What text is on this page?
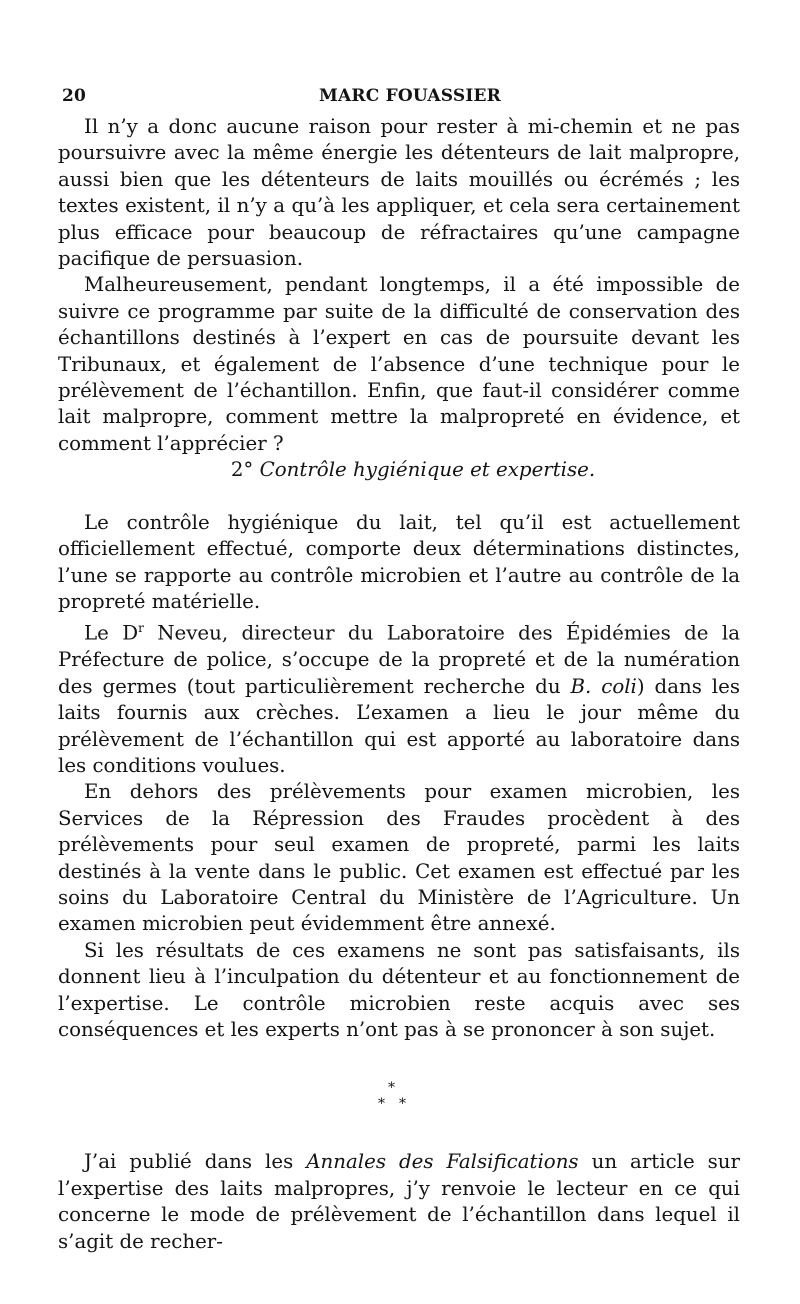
20	MARC FOUASSIER

Il n’y a donc aucune raison pour rester à mi-chemin et ne pas poursuivre avec la même énergie les détenteurs de lait malpropre, aussi bien que les détenteurs de laits mouillés ou écrémés ; les textes existent, il n’y a qu’à les appliquer, et cela sera certainement plus efficace pour beaucoup de réfractaires qu’une campagne pacifique de persuasion.

Malheureusement, pendant longtemps, il a été impossible de suivre ce programme par suite de la difficulté de conservation des échantillons destinés à l’expert en cas de poursuite devant les Tribunaux, et également de l’absence d’une technique pour le prélèvement de l’échantillon. Enfin, que faut-il considérer comme lait malpropre, comment mettre la malpropreté en évidence, et comment l’apprécier ?

2° Contrôle hygiénique et expertise.

Le contrôle hygiénique du lait, tel qu’il est actuellement officiellement effectué, comporte deux déterminations distinctes, l’une se rapporte au contrôle microbien et l’autre au contrôle de la propreté matérielle.

Le $D^r$ Neveu, directeur du Laboratoire des Épidémies de la Préfecture de police, s’occupe de la propreté et de la numération des germes (tout particulièrement recherche du B. coli) dans les laits fournis aux crèches. L’examen a lieu le jour même du prélèvement de l’échantillon qui est apporté au laboratoire dans les conditions voulues.

En dehors des prélèvements pour examen microbien, les Services de la Répression des Fraudes procèdent à des prélèvements pour seul examen de propreté, parmi les laits destinés à la vente dans le public. Cet examen est effectué par les soins du Laboratoire Central du Ministère de l’Agriculture. Un examen microbien peut évidemment être annexé.

Si les résultats de ces examens ne sont pas satisfaisants, ils donnent lieu à l’inculpation du détenteur et au fonctionnement de l’expertise. Le contrôle microbien reste acquis avec ses conséquences et les experts n’ont pas à se prononcer à son sujet.

*
* *

J’ai publié dans les Annales des Falsifications un article sur l’expertise des laits malpropres, j’y renvoie le lecteur en ce qui concerne le mode de prélèvement de l’échantillon dans lequel il s’agit de recher-
